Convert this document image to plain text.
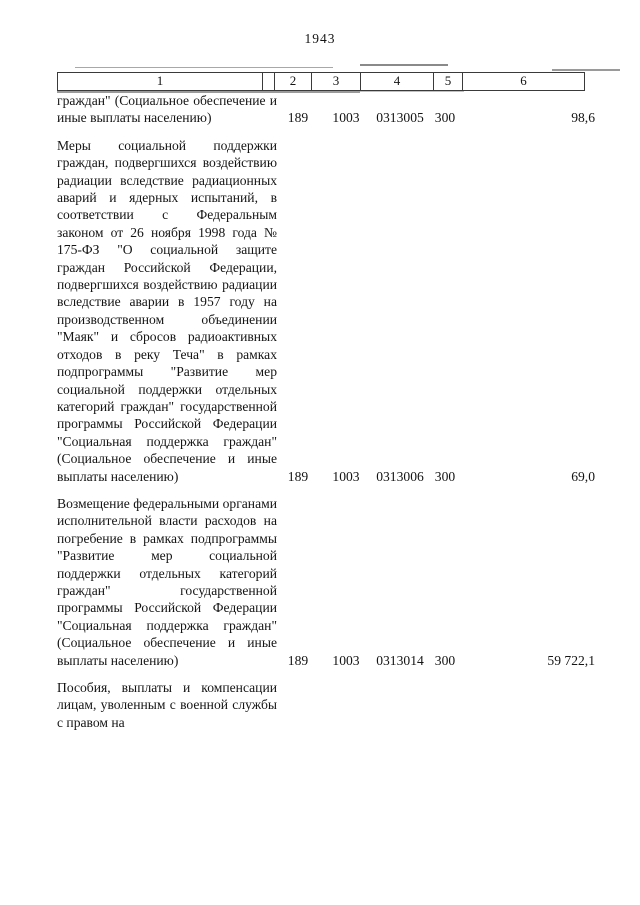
1943
1	2	3	4	5	6
граждан" (Социальное обеспечение и иные выплаты населению)	189	1003	0313005 300	98,6
Меры социальной поддержки граждан, подвергшихся воздействию радиации вследствие радиационных аварий и ядерных испытаний, в соответствии с Федеральным законом от 26 ноября 1998 года № 175-ФЗ "О социальной защите граждан Российской Федерации, подвергшихся воздействию радиации вследствие аварии в 1957 году на производственном объединении "Маяк" и сбросов радиоактивных отходов в реку Теча" в рамках подпрограммы "Развитие мер социальной поддержки отдельных категорий граждан" государственной программы Российской Федерации "Социальная поддержка граждан" (Социальное обеспечение и иные выплаты населению)	189	1003	0313006 300	69,0
Возмещение федеральными органами исполнительной власти расходов на погребение в рамках подпрограммы "Развитие мер социальной поддержки отдельных категорий граждан" государственной программы Российской Федерации "Социальная поддержка граждан" (Социальное обеспечение и иные выплаты населению)	189	1003	0313014 300	59 722,1
Пособия, выплаты и компенсации лицам, уволенным с военной службы с правом на
